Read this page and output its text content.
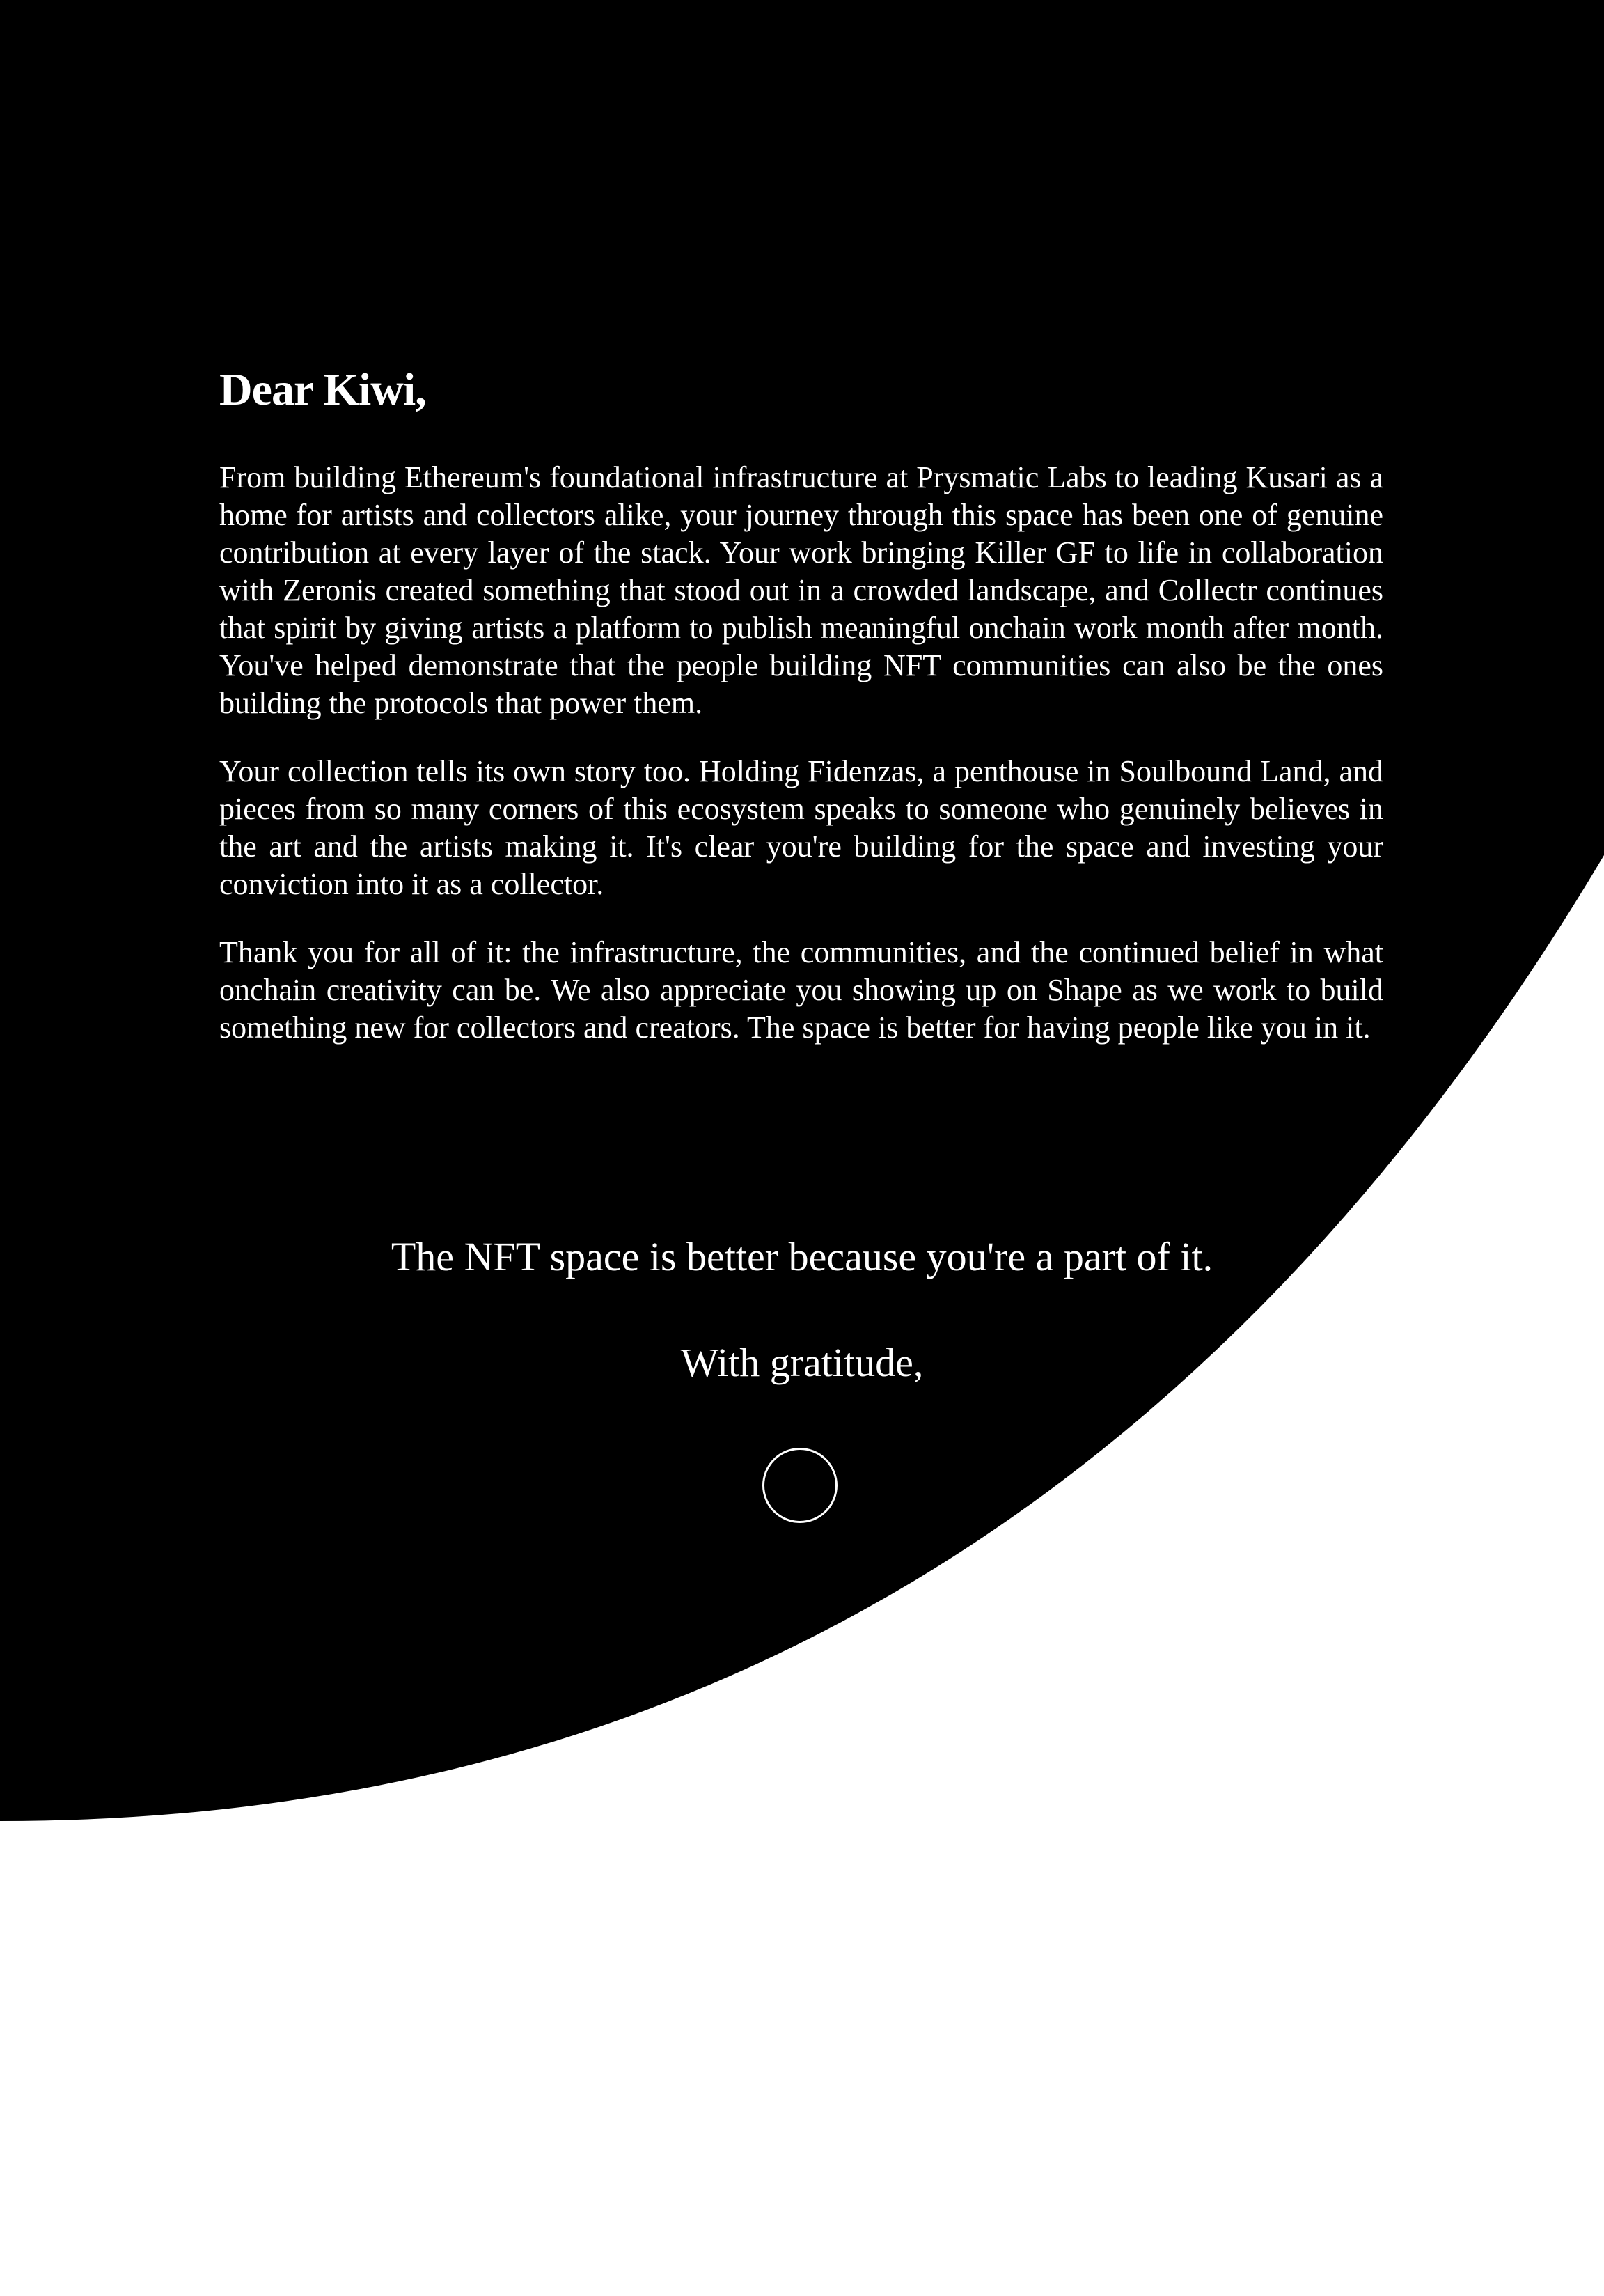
Dear Kiwi,

From building Ethereum's foundational infrastructure at Prysmatic Labs to leading Kusari as a home for artists and collectors alike, your journey through this space has been one of genuine contribution at every layer of the stack. Your work bringing Killer GF to life in collaboration with Zeronis created something that stood out in a crowded landscape, and Collectr continues that spirit by giving artists a platform to publish meaningful onchain work month after month. You've helped demonstrate that the people building NFT communities can also be the ones building the protocols that power them.

Your collection tells its own story too. Holding Fidenzas, a penthouse in Soulbound Land, and pieces from so many corners of this ecosystem speaks to someone who genuinely believes in the art and the artists making it. It's clear you're building for the space and investing your conviction into it as a collector.

Thank you for all of it: the infrastructure, the communities, and the continued belief in what onchain creativity can be. We also appreciate you showing up on Shape as we work to build something new for collectors and creators. The space is better for having people like you in it.

The NFT space is better because you're a part of it.
With gratitude,
